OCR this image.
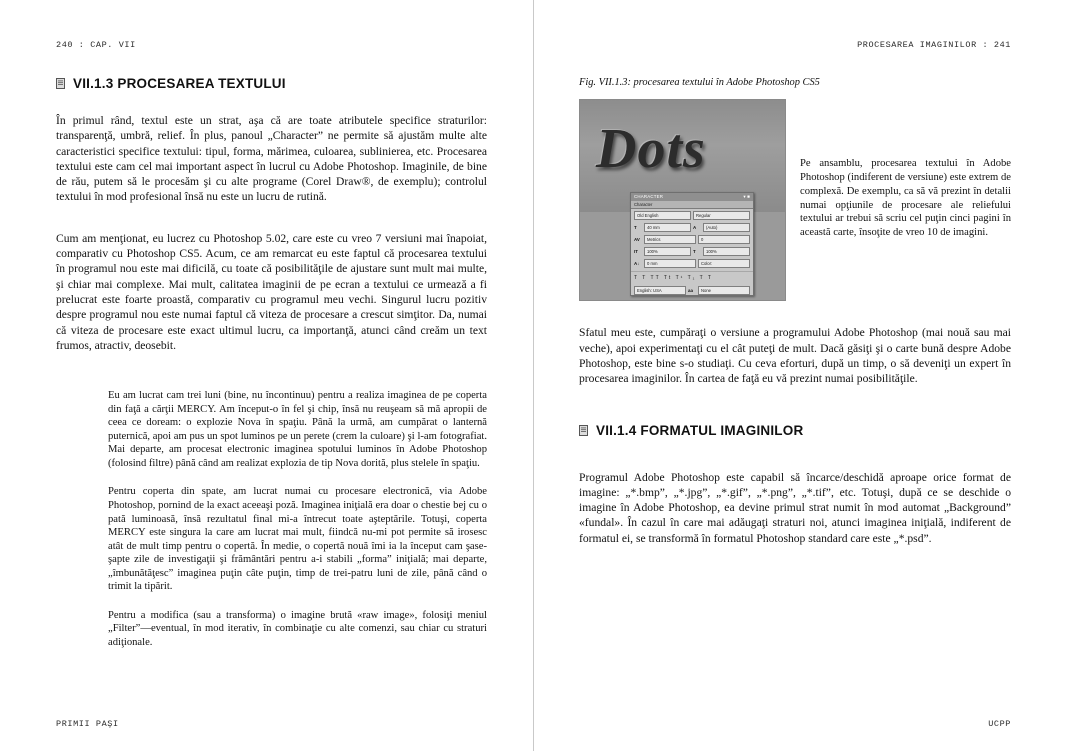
240 : CAP. VII
VII.1.3 PROCESAREA TEXTULUI

În primul rând, textul este un strat, aşa că are toate atributele specifice straturilor: transparenţă, umbră, relief. În plus, panoul „Character” ne permite să ajustăm multe alte caracteristici specifice textului: tipul, forma, mărimea, culoarea, sublinierea, etc. Procesarea textului este cam cel mai important aspect în lucrul cu Adobe Photoshop. Imaginile, de bine de rău, putem să le procesăm şi cu alte programe (Corel Draw®, de exemplu); controlul textului în mod profesional însă nu este un lucru de rutină.

Cum am menţionat, eu lucrez cu Photoshop 5.02, care este cu vreo 7 versiuni mai înapoiat, comparativ cu Photoshop CS5. Acum, ce am remarcat eu este faptul că procesarea textului în programul nou este mai dificilă, cu toate că posibilităţile de ajustare sunt mult mai multe, şi chiar mai complexe. Mai mult, calitatea imaginii de pe ecran a textului ce urmează a fi prelucrat este foarte proastă, comparativ cu programul meu vechi. Singurul lucru pozitiv despre programul nou este numai faptul că viteza de procesare a crescut simţitor. Da, numai că viteza de procesare este exact ultimul lucru, ca importanţă, atunci când creăm un text frumos, atractiv, deosebit.

Eu am lucrat cam trei luni (bine, nu încontinuu) pentru a realiza imaginea de pe coperta din faţă a cărţii MERCY. Am început-o în fel şi chip, însă nu reuşeam să mă apropii de ceea ce doream: o explozie Nova în spaţiu. Până la urmă, am cumpărat o lanternă puternică, apoi am pus un spot luminos pe un perete (crem la culoare) şi l-am fotografiat. Mai departe, am procesat electronic imaginea spotului luminos în Adobe Photoshop (folosind filtre) până când am realizat explozia de tip Nova dorită, plus stelele în spaţiu.

Pentru coperta din spate, am lucrat numai cu procesare electronică, via Adobe Photoshop, pornind de la exact aceeaşi poză. Imaginea iniţială era doar o chestie bej cu o pată luminoasă, însă rezultatul final mi-a întrecut toate aşteptările. Totuşi, coperta MERCY este singura la care am lucrat mai mult, fiindcă nu-mi pot permite să irosesc atât de mult timp pentru o copertă. În medie, o copertă nouă îmi ia la început cam şase-şapte zile de investigaţii şi frământări pentru a-i stabili „forma” iniţială; mai departe, „îmbunătăţesc” imaginea puţin câte puţin, timp de trei-patru luni de zile, până când o trimit la tipărit.

Pentru a modifica (sau a transforma) o imagine brută «raw image», folosiţi meniul „Filter”—eventual, în mod iterativ, în combinaţie cu alte comenzi, sau chiar cu straturi adiţionale.

PRIMII PAŞI
PROCESAREA IMAGINILOR : 241

Fig. VII.1.3: procesarea textului în Adobe Photoshop CS5

Dots
CHARACTER	▾ ■
Character
Old English	Regular
T	40 mm	A	(Auto)
AV	Metrics	0
IT	100%	T	100%
A↓	0 mm	Color:
T T TT Tt T¹ T₁ T T
English: USA	aa	None

Pe ansamblu, procesarea textului în Adobe Photoshop (indiferent de versiune) este extrem de complexă. De exemplu, ca să vă prezint în detalii numai opţiunile de procesare ale reliefului textului ar trebui să scriu cel puţin cinci pagini în această carte, însoţite de vreo 10 de imagini.

Sfatul meu este, cumpăraţi o versiune a programului Adobe Photoshop (mai nouă sau mai veche), apoi experimentaţi cu el cât puteţi de mult. Dacă găsiţi şi o carte bună despre Adobe Photoshop, este bine s-o studiaţi. Cu ceva eforturi, după un timp, o să deveniţi un expert în procesarea imaginilor. În cartea de faţă eu vă prezint numai posibilităţile.

VII.1.4 FORMATUL IMAGINILOR

Programul Adobe Photoshop este capabil să încarce/deschidă aproape orice format de imagine: „*.bmp”, „*.jpg”, „*.gif”, „*.png”, „*.tif”, etc. Totuşi, după ce se deschide o imagine în Adobe Photoshop, ea devine primul strat numit în mod automat „Background” «fundal». În cazul în care mai adăugaţi straturi noi, atunci imaginea iniţială, indiferent de formatul ei, se transformă în formatul Photoshop standard care este „*.psd”.

UCPP
